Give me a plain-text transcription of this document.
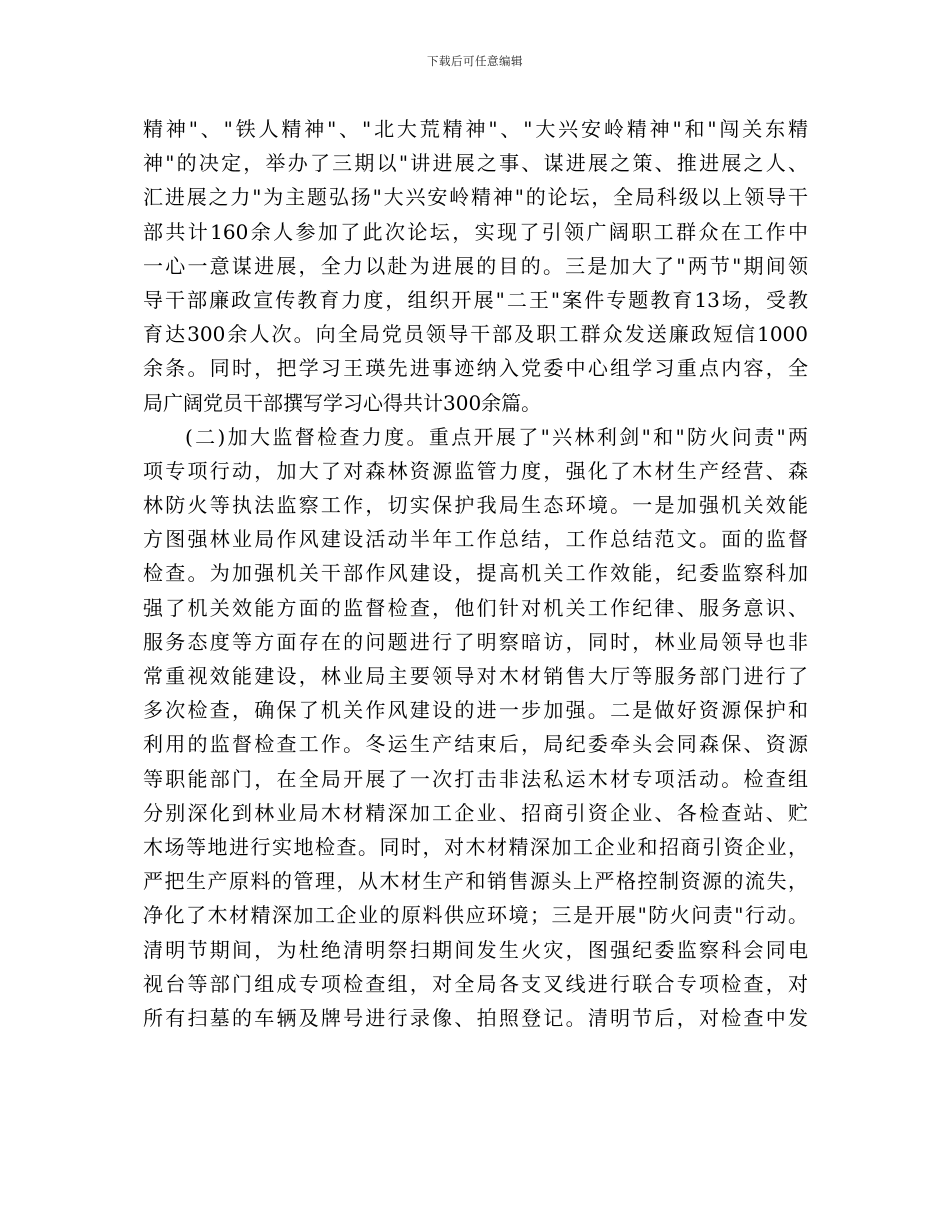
下载后可任意编辑
精神"、"铁人精神"、"北大荒精神"、"大兴安岭精神"和"闯关东精
神"的决定，举办了三期以"讲进展之事、谋进展之策、推进展之人、
汇进展之力"为主题弘扬"大兴安岭精神"的论坛，全局科级以上领导干
部共计160余人参加了此次论坛，实现了引领广阔职工群众在工作中
一心一意谋进展，全力以赴为进展的目的。三是加大了"两节"期间领
导干部廉政宣传教育力度，组织开展"二王"案件专题教育13场，受教
育达300余人次。向全局党员领导干部及职工群众发送廉政短信1000
余条。同时，把学习王瑛先进事迹纳入党委中心组学习重点内容，全
局广阔党员干部撰写学习心得共计300余篇。
(二)加大监督检查力度。重点开展了"兴林利剑"和"防火问责"两
项专项行动，加大了对森林资源监管力度，强化了木材生产经营、森
林防火等执法监察工作，切实保护我局生态环境。一是加强机关效能
方图强林业局作风建设活动半年工作总结，工作总结范文。面的监督
检查。为加强机关干部作风建设，提高机关工作效能，纪委监察科加
强了机关效能方面的监督检查，他们针对机关工作纪律、服务意识、
服务态度等方面存在的问题进行了明察暗访，同时，林业局领导也非
常重视效能建设，林业局主要领导对木材销售大厅等服务部门进行了
多次检查，确保了机关作风建设的进一步加强。二是做好资源保护和
利用的监督检查工作。冬运生产结束后，局纪委牵头会同森保、资源
等职能部门，在全局开展了一次打击非法私运木材专项活动。检查组
分别深化到林业局木材精深加工企业、招商引资企业、各检查站、贮
木场等地进行实地检查。同时，对木材精深加工企业和招商引资企业，
严把生产原料的管理，从木材生产和销售源头上严格控制资源的流失，
净化了木材精深加工企业的原料供应环境；三是开展"防火问责"行动。
清明节期间，为杜绝清明祭扫期间发生火灾，图强纪委监察科会同电
视台等部门组成专项检查组，对全局各支叉线进行联合专项检查，对
所有扫墓的车辆及牌号进行录像、拍照登记。清明节后，对检查中发
